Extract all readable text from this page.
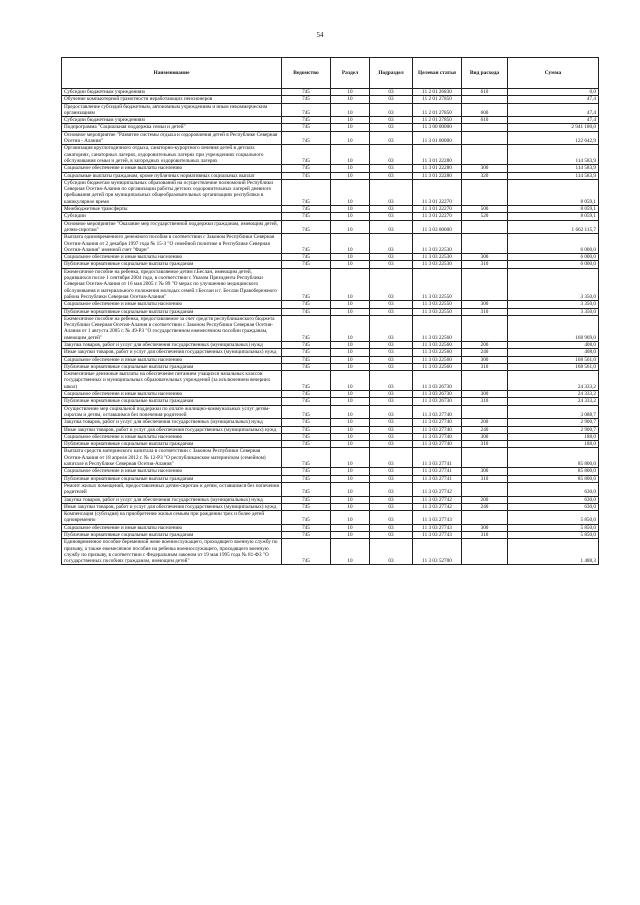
54
Наименование	Ведомство	Раздел	Подраздел	Целевая статья	Вид расхода	Сумма
Субсидии бюджетным учреждениям	745	10	03	11 2 01 26830	610	0,0
Обучение компьютерной грамотности неработающих пенсионеров	745	10	03	11 2 01 27850		47,4
Предоставление субсидий бюджетным, автономным учреждениям и иным некоммерческим организациям	745	10	03	11 2 01 27850	600	47,4
Субсидии бюджетным учреждениям	745	10	03	11 2 01 27850	610	47,4
Подпрограмма "Социальная поддержка семьи и детей"	745	10	03	11 3 00 00000		2 941 180,0
Основное мероприятие "Развитие системы отдыха и оздоровления детей в Республике Северная Осетия - Алания"	745	10	03	11 3 01 00000		122 642,9
Организация круглогодичного отдыха, санаторно-курортного лечения детей в детских санаториях, санаторных лагерях, оздоровительных лагерях при учреждениях социального обслуживания семьи и детей, в загородных оздоровительных лагерях	745	10	03	11 3 01 22280		114 583,9
Социальное обеспечение и иные выплаты населению	745	10	03	11 3 01 22280	300	114 583,9
Социальные выплаты гражданам, кроме публичных нормативных социальных выплат	745	10	03	11 3 01 22280	320	114 583,9
Субсидии бюджетам муниципальных образований на осуществление полномочий Республики Северная Осетия-Алания по организации работы детских оздоровительных лагерей дневного пребывания детей при муниципальных общеобразовательных организациях республики в каникулярное время	745	10	03	11 3 01 22270		8 059,1
Межбюджетные трансферты	745	10	03	11 3 01 22270	500	8 059,1
Субсидии	745	10	03	11 3 01 22270	520	8 059,1
Основное мероприятие "Оказание мер государственной поддержки гражданам, имеющим детей, детям-сиротам"	745	10	03	11 3 03 00000		1 662 115,7
Выплата единовременного денежного пособия в соответствии с Законом Республики Северная Осетия-Алания от 2 декабря 1997 года № 15-З "О семейной политике в Республике Северная Осетия-Алания" именной счет "Фарн"	745	10	03	11 3 03 22530		6 000,0
Социальное обеспечение и иные выплаты населению	745	10	03	11 3 03 22530	300	6 000,0
Публичные нормативные социальные выплаты гражданам	745	10	03	11 3 03 22530	310	6 000,0
Ежемесячное пособие на ребенка, предоставляемое детям г.Беслан, имеющим детей, родившихся после 1 сентября 2004 года, в соответствии с Указом Президента Республики Северная Осетия-Алания от 16 мая 2005 г. № 89 "О мерах по улучшению медицинского обслуживания и материального положения молодых семей г.Беслан и г. Беслан Правобережного района Республики Северная Осетия-Алания"	745	10	03	11 3 03 22550		3 350,0
Социальное обеспечение и иные выплаты населению	745	10	03	11 3 03 22550	300	3 350,0
Публичные нормативные социальные выплаты гражданам	745	10	03	11 3 03 22550	310	3 350,0
Ежемесячное пособие на ребенка, предоставляемое за счет средств республиканского бюджета Республики Северная Осетия-Алания в соответствии с Законом Республики Северная Осетия-Алания от 1 августа 2005 г. № 49-РЗ "О государственном ежемесячном пособии гражданам, имеющим детей"	745	10	03	11 3 03 22560		168 969,0
Закупка товаров, работ и услуг для обеспечения государственных (муниципальных) нужд	745	10	03	11 3 03 22560	200	408,0
Иные закупки товаров, работ и услуг для обеспечения государственных (муниципальных) нужд	745	10	03	11 3 03 22560	240	408,0
Социальное обеспечение и иные выплаты населению	745	10	03	11 3 03 22560	300	168 561,0
Публичные нормативные социальные выплаты гражданам	745	10	03	11 3 03 22560	310	168 561,0
Ежемесячные денежные выплаты на обеспечение питанием учащихся начальных классов государственных и муниципальных образовательных учреждений (за исключением вечерних школ)	745	10	03	11 3 03 26730		24 333,2
Социальное обеспечение и иные выплаты населению	745	10	03	11 3 03 26730	300	24 333,2
Публичные нормативные социальные выплаты гражданам	745	10	03	11 3 03 26730	310	24 333,2
Осуществление мер социальной поддержки по оплате жилищно-коммунальных услуг детям-сиротам и детям, оставшимся без попечения родителей	745	10	03	11 3 03 27740		3 088,7
Закупка товаров, работ и услуг для обеспечения государственных (муниципальных) нужд	745	10	03	11 3 03 27740	200	2 900,7
Иные закупки товаров, работ и услуг для обеспечения государственных (муниципальных) нужд	745	10	03	11 3 03 27740	240	2 900,7
Социальное обеспечение и иные выплаты населению	745	10	03	11 3 03 27740	300	188,0
Публичные нормативные социальные выплаты гражданам	745	10	03	11 3 03 27740	310	188,0
Выплата средств материнского капитала в соответствии с Законом Республики Северная Осетия-Алания от 18 апреля 2012 г. № 12-РЗ "О республиканском материнском (семейном) капитале в Республике Северная Осетия-Алания"	745	10	03	11 3 03 27741		85 800,0
Социальное обеспечение и иные выплаты населению	745	10	03	11 3 03 27741	300	85 800,0
Публичные нормативные социальные выплаты гражданам	745	10	03	11 3 03 27741	310	85 800,0
Ремонт жилых помещений, предоставленных детям-сиротам и детям, оставшимся без попечения родителей	745	10	03	11 3 03 27742		630,0
Закупка товаров, работ и услуг для обеспечения государственных (муниципальных) нужд	745	10	03	11 3 03 27742	200	630,0
Иные закупки товаров, работ и услуг для обеспечения государственных (муниципальных) нужд	745	10	03	11 3 03 27742	240	630,0
Компенсация (субсидия) на приобретение жилья семьям при рождении трех и более детей одновременно	745	10	03	11 3 03 27743		5 850,0
Социальное обеспечение и иные выплаты населению	745	10	03	11 3 03 27743	300	5 850,0
Публичные нормативные социальные выплаты гражданам	745	10	03	11 3 03 27743	310	5 850,0
Единовременное пособие беременной жене военнослужащего, проходящего военную службу по призыву, а также ежемесячное пособие на ребенка военнослужащего, проходящего военную службу по призыву, в соответствии с Федеральным законом от 19 мая 1995 года № 81-ФЗ "О государственных пособиях гражданам, имеющим детей"	745	10	03	11 3 03 52700		1 488,3
